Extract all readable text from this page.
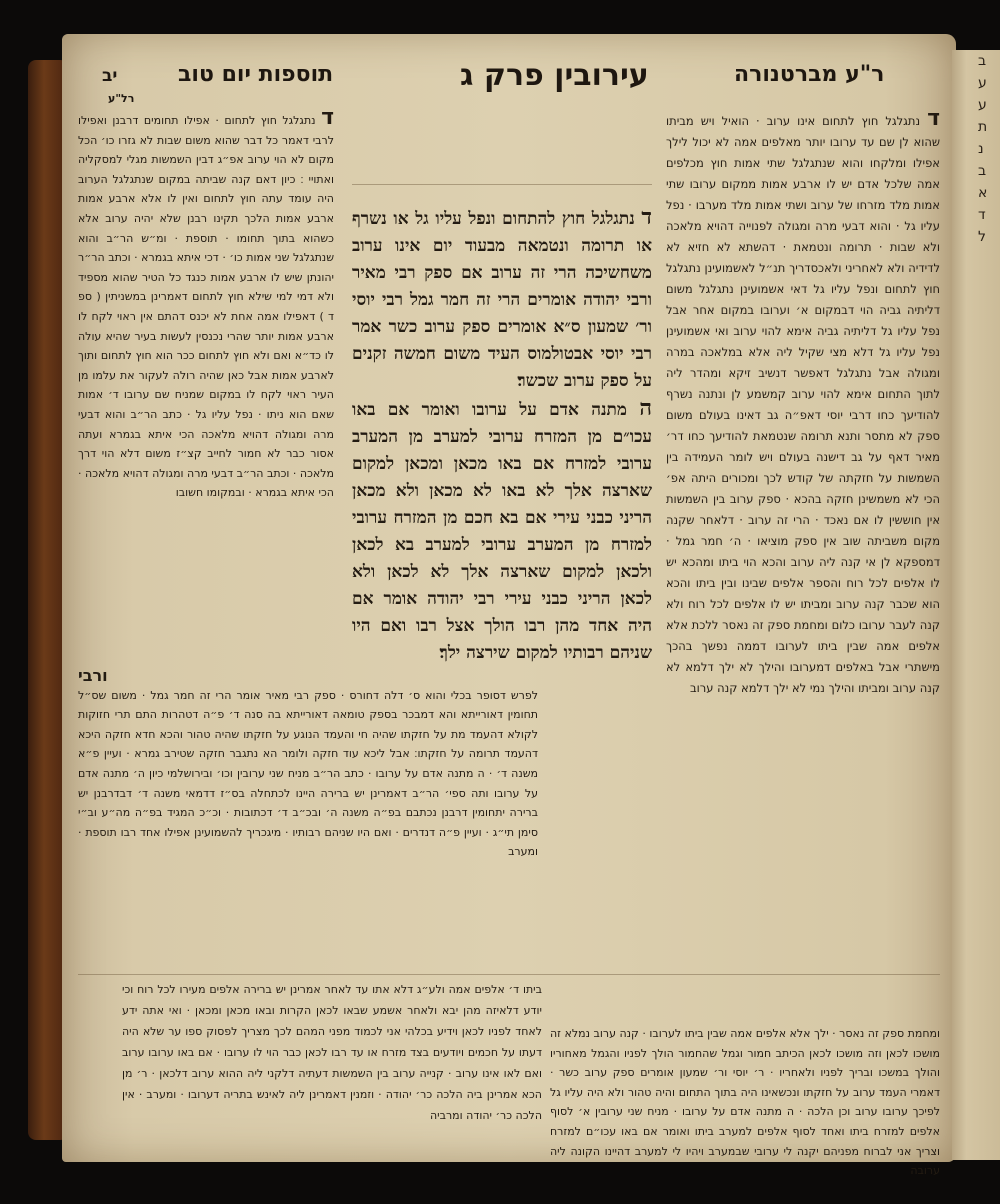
יב	תוספות יום טוב	עירובין פרק ג	ר"ע מברטנורה
רל"ע

ד נתגלגל חוץ לתחום · אפילו תחומים דרבנן ואפילו לרבי דאמר כל דבר שהוא משום שבות לא גזרו כו׳ הכל מקום לא הוי ערוב אפ״ג דבין השמשות מגלי למסקליה ואתויי ׃ כיון דאם קנה שביתה במקום שנתגלגל הערוב היה עומד עתה חוץ לתחום ואין לו אלא ארבע אמות ארבע אמות הלכך תקינו רבנן שלא יהיה ערוב אלא כשהוא בתוך תחומו · תוספת · ומ״ש הר״ב והוא שנתגלגל שני אמות כו׳ · דכי איתא בגמרא · וכתב הר״ר יהונתן שיש לו ארבע אמות כנגד כל הטיר שהוא מספיד ולא דמי למי שילא חוץ לתחום דאמרינן במשניתין ( ספ ד ) דאפילו אמה אחת לא יכנס דהתם אין ראוי לקח לו ארבע אמות יותר שהרי נכנסין לעשות בעיר שהיא עולה לו כד״א ואם ולא חוץ לתחום ככר הוא חוץ לתחום ותוך לארבע אמות אבל כאן שהיה רולה לעקור את עלמו מן העיר ראוי לקח לו במקום שמניח שם ערובו ד׳ אמות שאם הוא ניתו · נפל עליו גל · כתב הר״ב והוא דבעי מרה ומגולה דהויא מלאכה הכי איתא בגמרא ועתה אסור כבר לא חמור לחייב קצ״ז משום דלא הוי דרך מלאכה · וכתב הר״ב דבעי מרה ומגולה דהויא מלאכה · הכי איתא בגמרא · ובמקומו חשובו

ד נתגלגל חוץ להתחום ונפל עליו גל או נשרף או תרומה ונטמאה מבעוד יום אינו ערוב משחשיכה הרי זה ערוב אם ספק רבי מאיר ורבי יהודה אומרים הרי זה חמר גמל רבי יוסי ור׳ שמעון ס״א אומרים ספק ערוב כשר אמר רבי יוסי אבטולמוס העיד משום חמשה זקנים על ספק ערוב שכשר׃

ה מתנה אדם על ערובו ואומר אם באו עכו״ם מן המזרח ערובי למערב מן המערב ערובי למזרח אם באו מכאן ומכאן למקום שארצה אלך לא באו לא מכאן ולא מכאן הריני כבני עירי אם בא חכם מן המזרח ערובי למזרח מן המערב ערובי למערב בא לכאן ולכאן למקום שארצה אלך לא לכאן ולא לכאן הריני כבני עירי רבי יהודה אומר אם היה אחד מהן רבו הולך אצל רבו ואם היו שניהם רבותיו למקום שירצה ילך׃

ד נתגלגל חוץ לתחום אינו ערוב · הואיל ויש מביתו שהוא לן שם עד ערובו יותר מאלפים אמה לא יכול לילך אפילו ומלקחו והוא שנתגלגל שתי אמות חוץ מכלפים אמה שלכל אדם יש לו ארבע אמות ממקום ערובו שתי אמות מלד מזרחו של ערוב ושתי אמות מלד מערבו · נפל עליו גל · והוא דבעי מרה ומגולה לפנוייה דהויא מלאכה ולא שבות · תרומה ונטמאת · דהשתא לא חזיא לא לדידיה ולא לאחריני ולאכסדריך תנ״ל לאשמועינן נתגלגל חוץ לתחום ונפל עליו גל דאי אשמועינן נתגלגל משום דליתיה גביה הוי דבמקום א׳ וערובו במקום אחר אבל נפל עליו גל דליתיה גביה אימא להוי ערוב ואי אשמועינן נפל עליו גל דלא מצי שקיל ליה אלא במלאכה במרה ומגולה אבל נתגלגל דאפשר דנשיב זיקא ומהדר ליה לתוך התחום אימא להוי ערוב קמשמע לן ונתנה נשרף להודיעך כחו דרבי יוסי דאפ״ה גב דאינו בעולם משום ספק לא מתסר ותנא תרומה שנטמאת להודיעך כחו דר׳ מאיר דאף על גב דישנה בעולם ויש לומר העמידה בין השמשות על חזקתה של קודש לכך ומכורים היתה אפ׳ הכי לא משמשינן חזקה בהכא · ספק ערוב בין השמשות אין חוששין לו אם נאכד · הרי זה ערוב · דלאחר שקנה מקום משביתה שוב אין ספק מוציאו · ה׳ חמר גמל · דמספקא לן אי קנה ליה ערוב והכא הוי ביתו ומהכא יש לו אלפים לכל רוח והספר אלפים שבינו ובין ביתו והכא הוא שכבר קנה ערוב ומביתו יש לו אלפים לכל רוח ולא קנה לעבר ערובו כלום ומחמת ספק זה נאסר ללכת אלא אלפים אמה שבין ביתו לערובו דממה נפשך בהכך מישתרי אבל באלפים דמערובו והילך לא ילך דלמא לא קנה ערוב ומביתו והילך נמי לא ילך דלמא קנה ערוב

ורבי

לפרש דסופר בכלי והוא ס׳ דלה דחורס · ספק רבי מאיר אומר הרי זה חמר גמל · משום שס״ל תחומין דאורייתא והא דמבכר בספק טומאה דאורייתא בה סנה ד׳ פ״ה דטהרות התם תרי חזוקות לקולא דהעמד מת על חזקתו שהיה חי והעמד הנוגע על חזקתו שהיה טהור והכא חדא חזקה היכא דהעמד תרומה על חזקתו׃ אבל ליכא עוד חזקה ולומר הא נתגבר חזקה שטירב גמרא · ועיין פ״א משנה ד׳ · ה מתנה אדם על ערובו · כתב הר״ב מניח שני ערובין וכו׳ ובירושלמי כיון ה׳ מתנה אדם על ערובו ותה ספי׳ הר״ב דאמרינן יש ברירה היינו לכתחלה בס״ז דדמאי משנה ד׳ דבדרבנן יש ברירה יתחומין דרבנן נכתבם בפ״ה משנה ה׳ ובכ״ב ד׳ דכתובות · וכ״כ המגיד בפ״ה מה״ע וב״י סימן תי״ג · ועיין פ״ה דנדרים · ואם היו שניהם רבותיו · מיגכריך להשמועינן אפילו אחד רבו תוספת · ומערב

ומחמת ספק זה נאסר · ילך אלא אלפים אמה שבין ביתו לערובו · קנה ערוב נמלא זה מושכו לכאן וזה מושכו לכאן הכיתב חמור וגמל שהחמור הולך לפניו והגמל מאחוריו והולך במשכו ובריך לפניו ולאחריו · ר׳ יוסי ור׳ שמעון אומרים ספק ערוב כשר · דאמרי העמד ערוב על חזקתו ונכשאינו היה בתוך התחום והיה טהור ולא היה עליו גל לפיכך ערובו ערוב וכן הלכה · ה מתנה אדם על ערובו · מניח שני ערובין א׳ לסוף אלפים למזרח ביתו ואחד לסוף אלפים למערב ביתו ואומר אם באו עכו״ם למזרח וצריך אני לברוח מפניהם יקנה לי ערובי שבמערב ויהיו לי למערב דהיינו הקונה ליה ערובה

ביתו ד׳ אלפים אמה ולע״ג דלא אתו עד לאחר אמרינן יש ברירה אלפים מעירו לכל רוח וכי יודע דלאיזה מהן יבא ולאחר אשמע שבאו לכאן הקרות ובאו מכאן ומכאן · ואי אתה ידע לאחד לפניו לכאן וידיע בכלהי אני לכמוד מפני המהם לכך מצריך לפסוק ספו ער שלא היה דעתו על חכמים ויודעים בצד מזרח או עד רבו לכאן כבר הוי לו ערובו · אם באו ערובו ערוב ואם לאו אינו ערוב · קנייה ערוב בין השמשות דעתיה דלקני ליה ההוא ערוב דלכאן · ר׳ מן הכא אמרינן ביה הלכה כר׳ יהודה · וזמנין דאמרינן ליה לאינש בתריה דערובו · ומערב · אין הלכה כר׳ יהודה ומרביה

ב
ע
ע
ת
נ
ב
א
ד
ל
